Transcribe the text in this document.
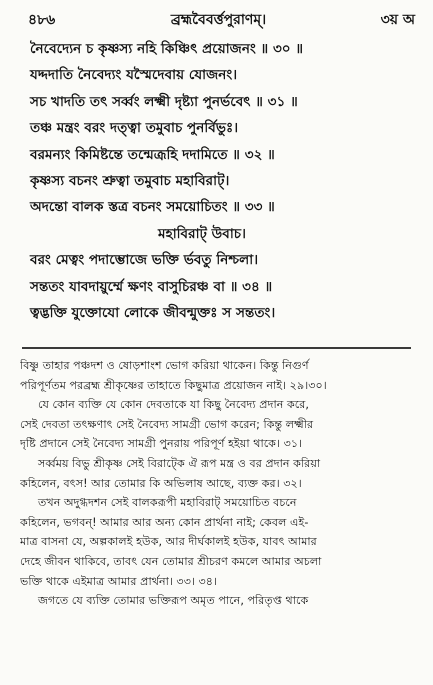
৪৮৬	ব্রহ্মবৈবর্ত্তপুরাণম্।	৩য় অ
নৈবেদ্যেন চ কৃষ্ণস্য নহি কিঞ্চিৎ প্রয়োজনং ॥ ৩০ ॥
যদ্দদাতি নৈবেদ্যং যস্মৈদেবায় যোজনং।
সচ খাদতি তৎ সর্ব্বং লক্ষ্মী দৃষ্ট্যা পুনর্ভবেৎ ॥ ৩১ ॥
তঞ্চ মন্ত্রং বরং দত্ত্বা তমুবাচ পুনর্বিভুঃ।
বরমন্যং কিমিষ্টন্তে তন্মেত্রূহি দদামিতে ॥ ৩২ ॥
কৃষ্ণস্য বচনং শ্রুত্বা তমুবাচ মহাবিরাট্।
অদন্তো বালক স্তত্র বচনং সময়োচিতং ॥ ৩৩ ॥
মহাবিরাট্ উবাচ।
বরং মেত্বং পদাম্ভোজে ভক্তি র্ভবতু নিশ্চলা।
সন্ততং যাবদায়ুর্ম্মে ক্ষণং বাসুচিরঞ্চ বা ॥ ৩৪ ॥
ত্বদ্ভক্তি যুক্তোযো লোকে জীবন্মুক্তঃ স সন্ততং।
বিষ্ণু তাহার পঞ্চদশ ও ষোড়শাংশ ভোগ করিয়া থাকেন। কিন্তু নিগুর্ণ
পরিপূর্ণতম পরব্রহ্ম শ্রীকৃষ্ণের তাহাতে কিছুমাত্র প্রয়োজন নাই। ২৯।৩০।
যে কোন ব্যক্তি যে কোন দেবতাকে যা কিছু নৈবেদ্য প্রদান করে,
সেই দেবতা তৎক্ষণাৎ সেই নৈবেদ্য সামগ্রী ভোগ করেন; কিন্তু লক্ষ্মীর
দৃষ্টি প্রদানে সেই নৈবেদ্য সামগ্রী পুনরায় পরিপূর্ণ হইয়া থাকে। ৩১।
সর্ব্বময় বিভু শ্রীকৃষ্ণ সেই বিরাট্কে ঐ রূপ মন্ত্র ও বর প্রদান করিয়া
কহিলেন, বৎস! আর তোমার কি অভিলাষ আছে, ব্যক্ত কর। ৩২।
তখন অদুগ্ধদশন সেই বালকরূপী মহাবিরাট্ সময়োচিত বচনে
কহিলেন, ভগবন্! আমার আর অন্য কোন প্রার্থনা নাই; কেবল এই-
মাত্র বাসনা যে, অল্পকালই হউক, আর দীর্ঘকালই হউক, যাবৎ আমার
দেহে জীবন থাকিবে, তাবৎ যেন তোমার শ্রীচরণ কমলে আমার অচলা
ভক্তি থাকে এইমাত্র আমার প্রার্থনা। ৩৩। ৩৪।
জগতে যে ব্যক্তি তোমার ভক্তিরূপ অমৃত পানে, পরিতৃপ্ত থাকে
